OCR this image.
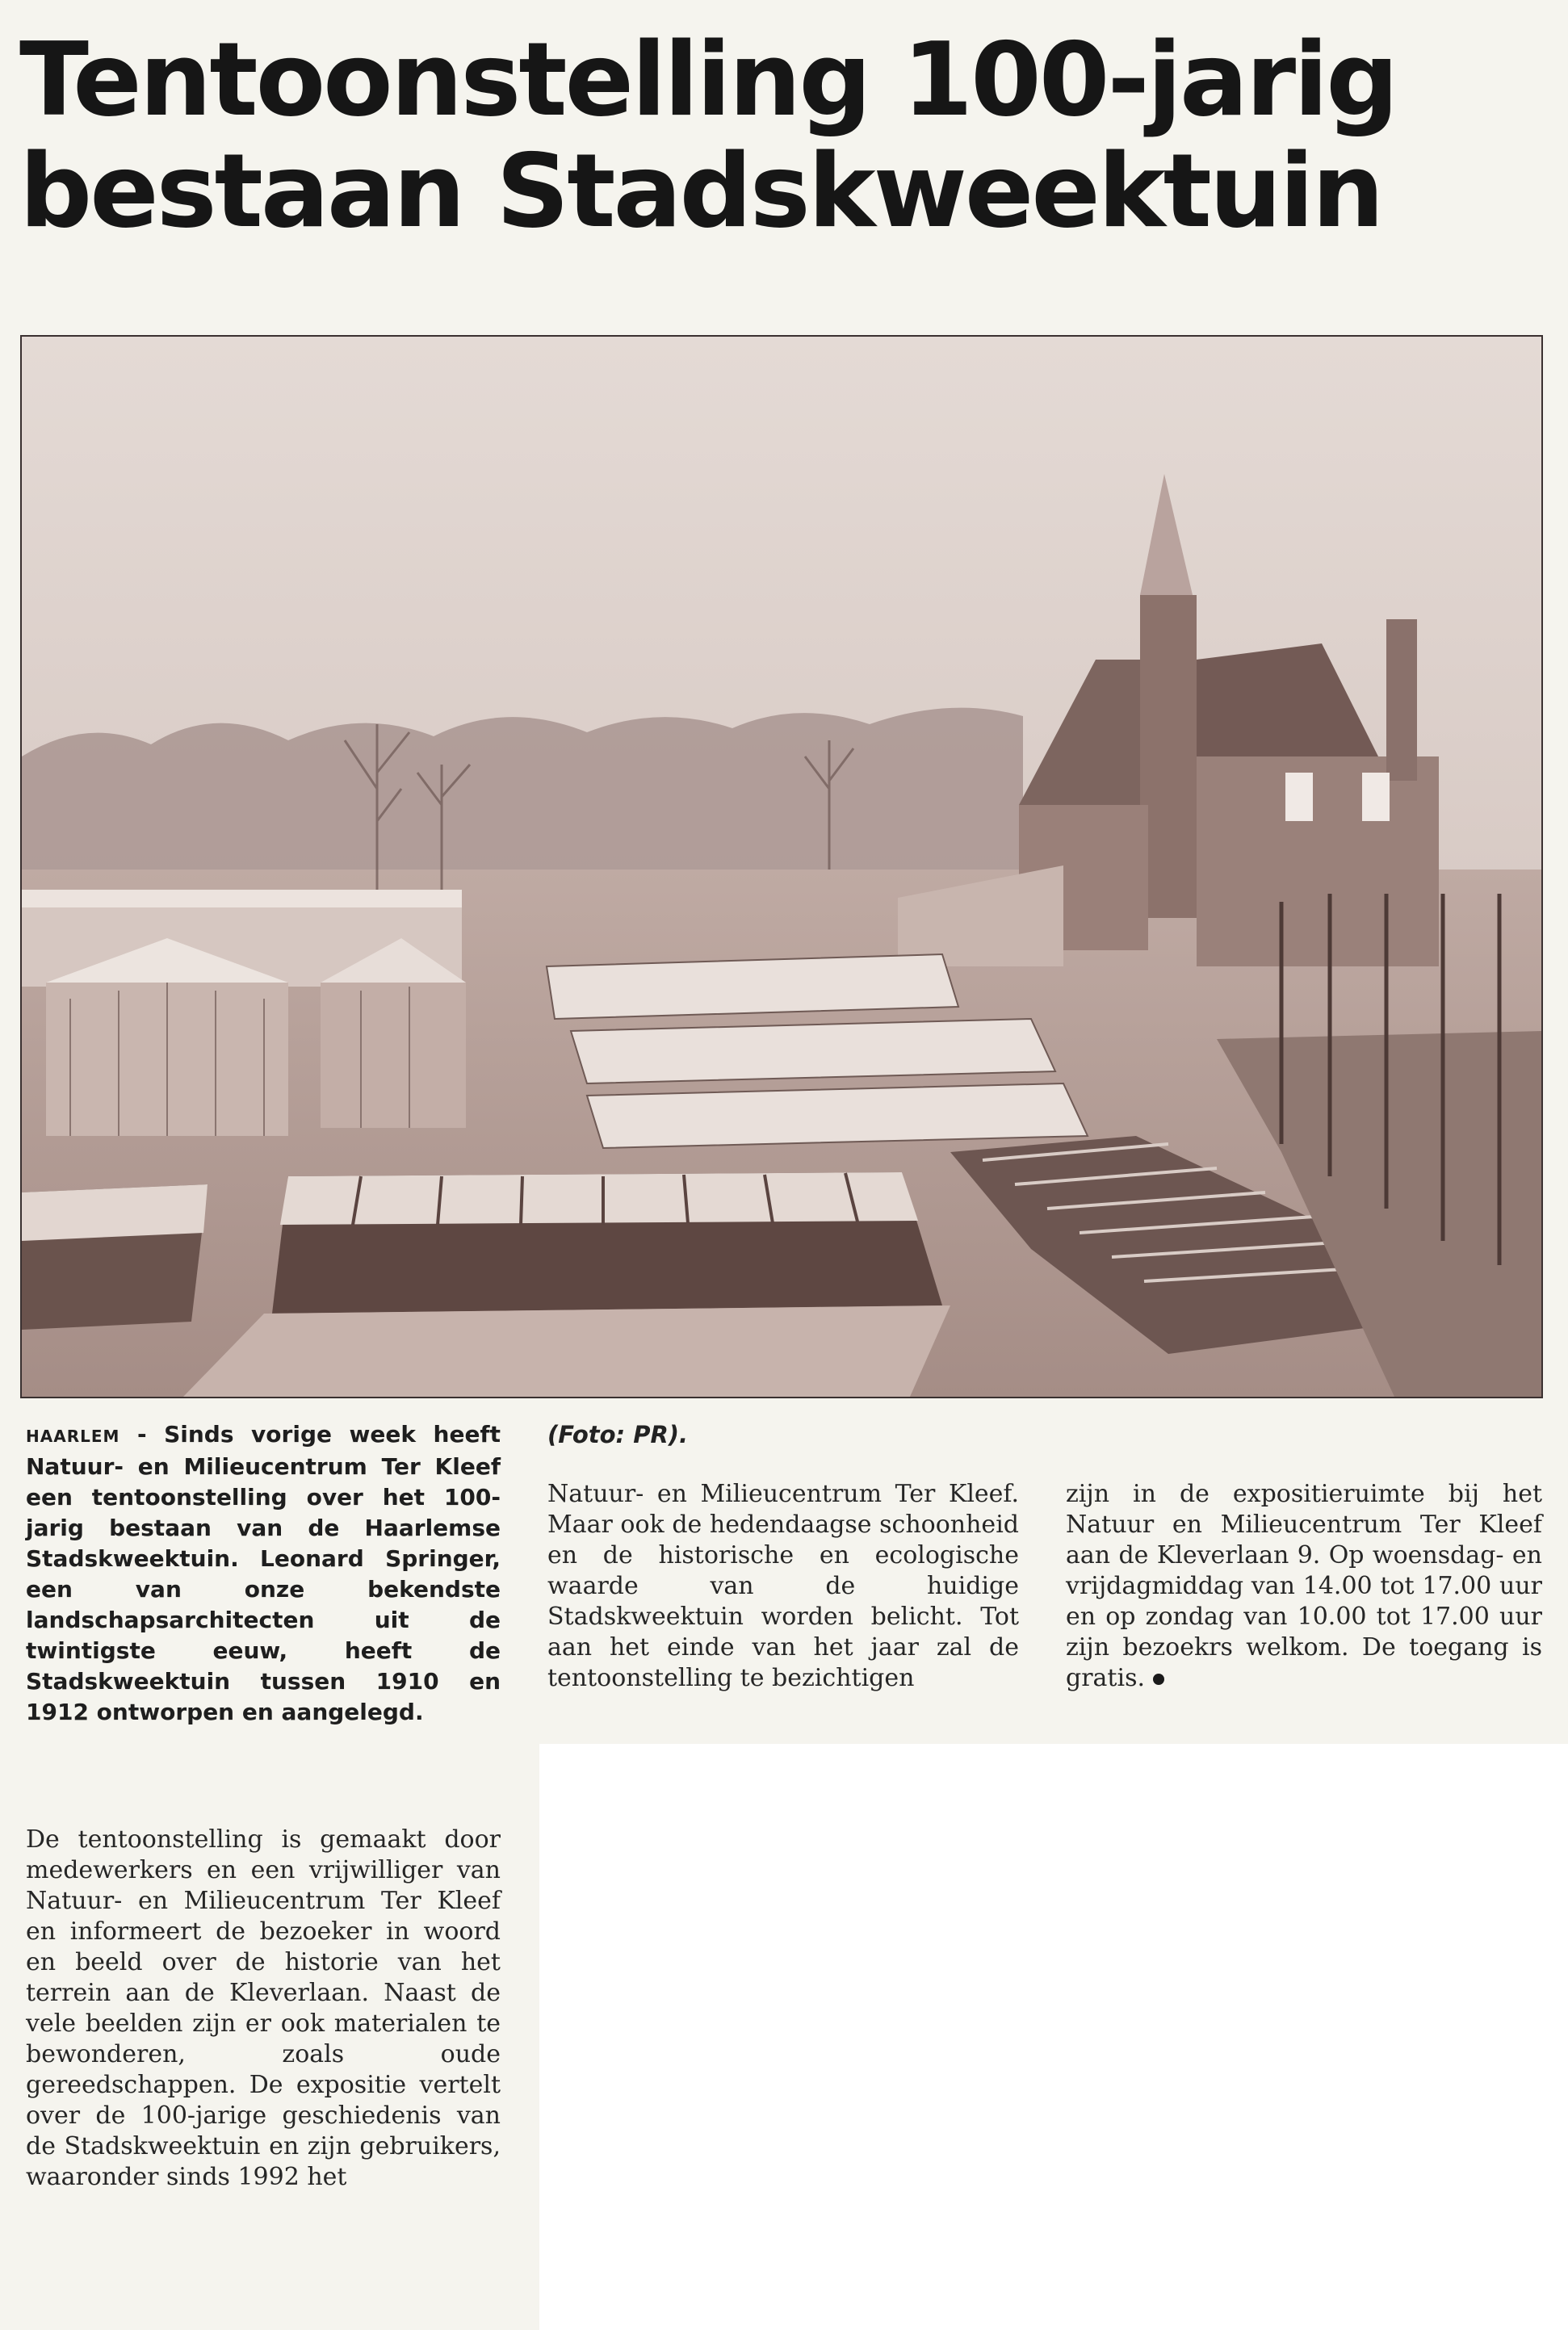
Tentoonstelling 100-jarig
bestaan Stadskweektuin
(Foto: PR).

HAARLEM - Sinds vorige week heeft Natuur- en Milieucentrum Ter Kleef een tentoonstelling over het 100-jarig bestaan van de Haarlemse Stadskweektuin. Leonard Springer, een van onze bekendste landschapsarchitecten uit de twintigste eeuw, heeft de Stadskweektuin tussen 1910 en 1912 ontworpen en aangelegd.

De tentoonstelling is gemaakt door medewerkers en een vrijwilliger van Natuur- en Milieucentrum Ter Kleef en informeert de bezoeker in woord en beeld over de historie van het terrein aan de Kleverlaan. Naast de vele beelden zijn er ook materialen te bewonderen, zoals oude gereedschappen. De expositie vertelt over de 100-jarige geschiedenis van de Stadskweektuin en zijn gebruikers, waaronder sinds 1992 het

Natuur- en Milieucentrum Ter Kleef. Maar ook de hedendaagse schoonheid en de historische en ecologische waarde van de huidige Stadskweektuin worden belicht. Tot aan het einde van het jaar zal de tentoonstelling te bezichtigen

zijn in de expositieruimte bij het Natuur en Milieucentrum Ter Kleef aan de Kleverlaan 9. Op woensdag- en vrijdagmiddag van 14.00 tot 17.00 uur en op zondag van 10.00 tot 17.00 uur zijn bezoekrs welkom. De toegang is gratis.
